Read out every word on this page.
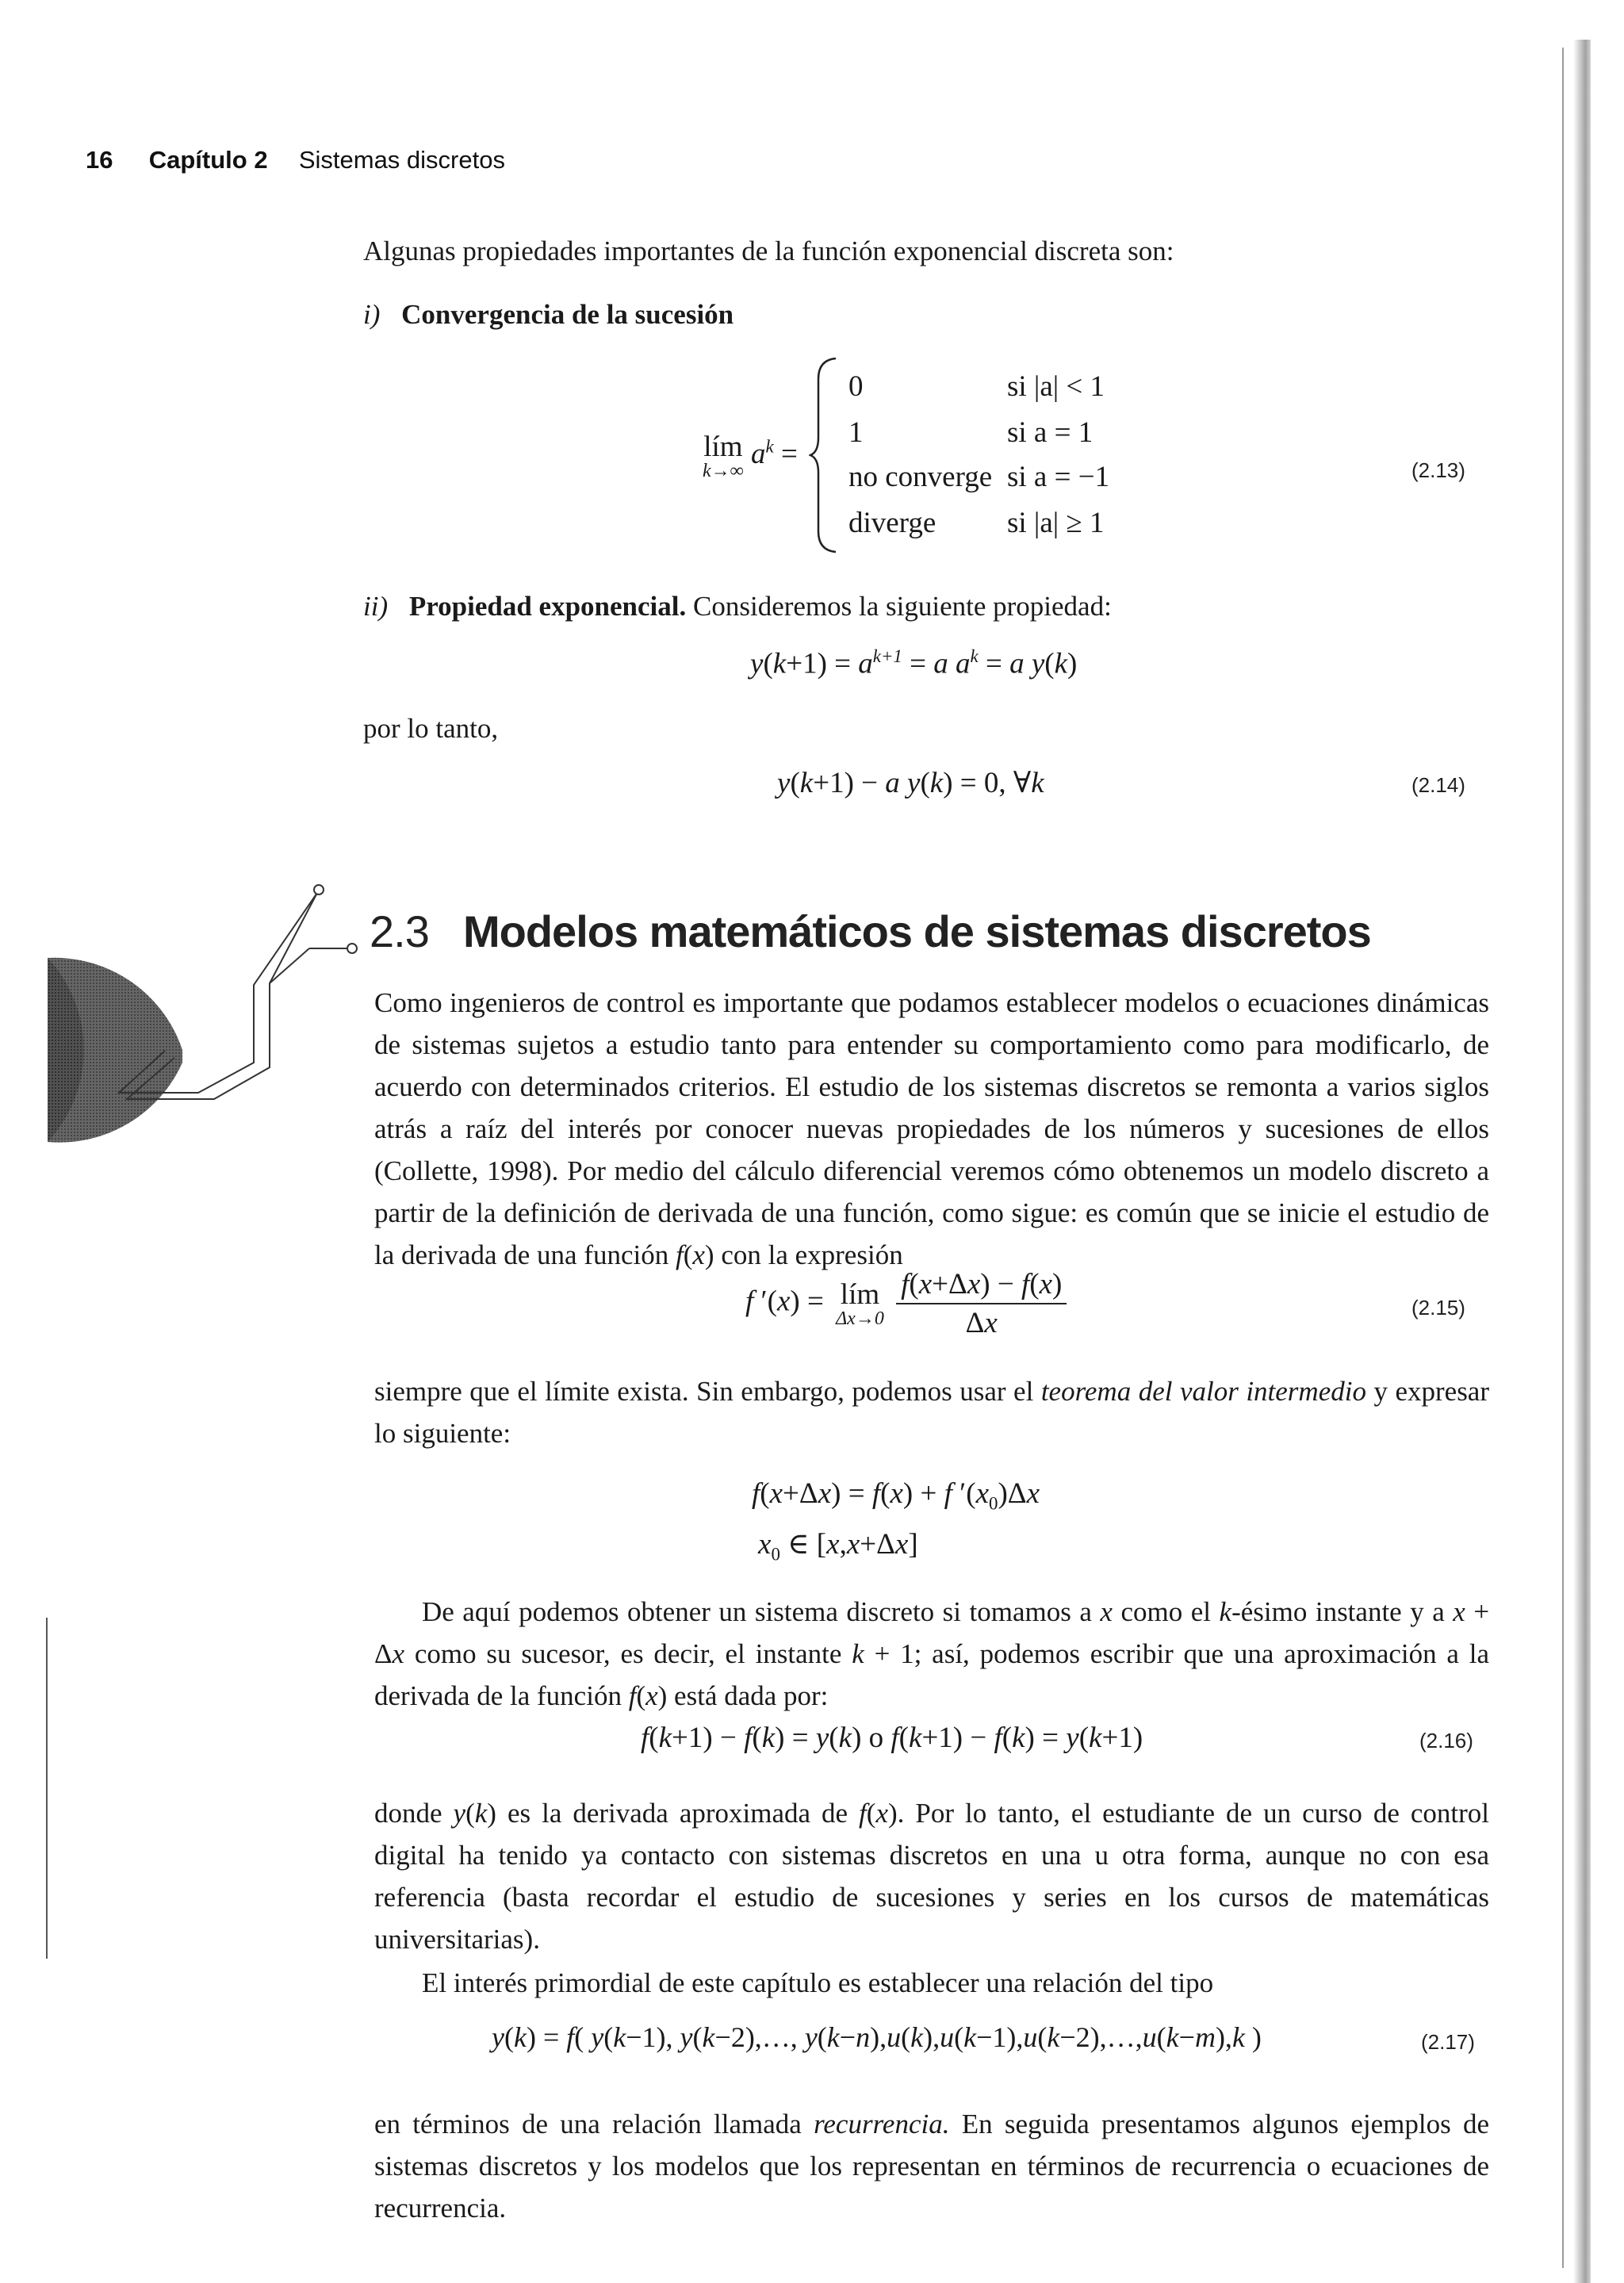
16 Capítulo 2 Sistemas discretos
Algunas propiedades importantes de la función exponencial discreta son:
i) Convergencia de la sucesión
lím
k→∞
$a^k$ =
0	si |a| < 1
1	si a = 1
no converge si a = −1
diverge si |a| ≥ 1
(2.13)
ii) Propiedad exponencial. Consideremos la siguiente propiedad:
$y(k+1) = a^{k+1} = a$ $a^k = a$ y(k)
por lo tanto,
y(k+1) − a y(k) = 0, ∀k	(2.14)
2.3 Modelos matemáticos de sistemas discretos
Como ingenieros de control es importante que podamos establecer modelos o ecuaciones dinámicas de sistemas sujetos a estudio tanto para entender su comportamiento como para modificarlo, de acuerdo con determinados criterios. El estudio de los sistemas discretos se remonta a varios siglos atrás a raíz del interés por conocer nuevas propiedades de los números y sucesiones de ellos (Collette, 1998). Por medio del cálculo diferencial veremos cómo obtenemos un modelo discreto a partir de la definición de derivada de una función, como sigue: es común que se inicie el estudio de la derivada de una función f(x) con la expresión
f ′(x) = lím
Δx→0
$\frac{f(x+\Delta x) - f(x)}{\Delta x}$	(2.15)
siempre que el límite exista. Sin embargo, podemos usar el teorema del valor intermedio y expresar lo siguiente:
f(x+Δx) = f(x) + f $'(x_0)\Delta x$
$x_0$ ∈ [x,x+Δx]
De aquí podemos obtener un sistema discreto si tomamos a x como el k-ésimo instante y a x + Δx como su sucesor, es decir, el instante k + 1; así, podemos escribir que una aproximación a la derivada de la función f(x) está dada por:
f(k+1) − f(k) = y(k) o f(k+1) − f(k) = y(k+1)	(2.16)
donde y(k) es la derivada aproximada de f(x). Por lo tanto, el estudiante de un curso de control digital ha tenido ya contacto con sistemas discretos en una u otra forma, aunque no con esa referencia (basta recordar el estudio de sucesiones y series en los cursos de matemáticas universitarias).
El interés primordial de este capítulo es establecer una relación del tipo
y(k) = f( y(k−1), y(k−2),…, y(k−n),u(k),u(k−1),u(k−2),…,u(k−m),k )	(2.17)
en términos de una relación llamada recurrencia. En seguida presentamos algunos ejemplos de sistemas discretos y los modelos que los representan en términos de recurrencia o ecuaciones de recurrencia.
